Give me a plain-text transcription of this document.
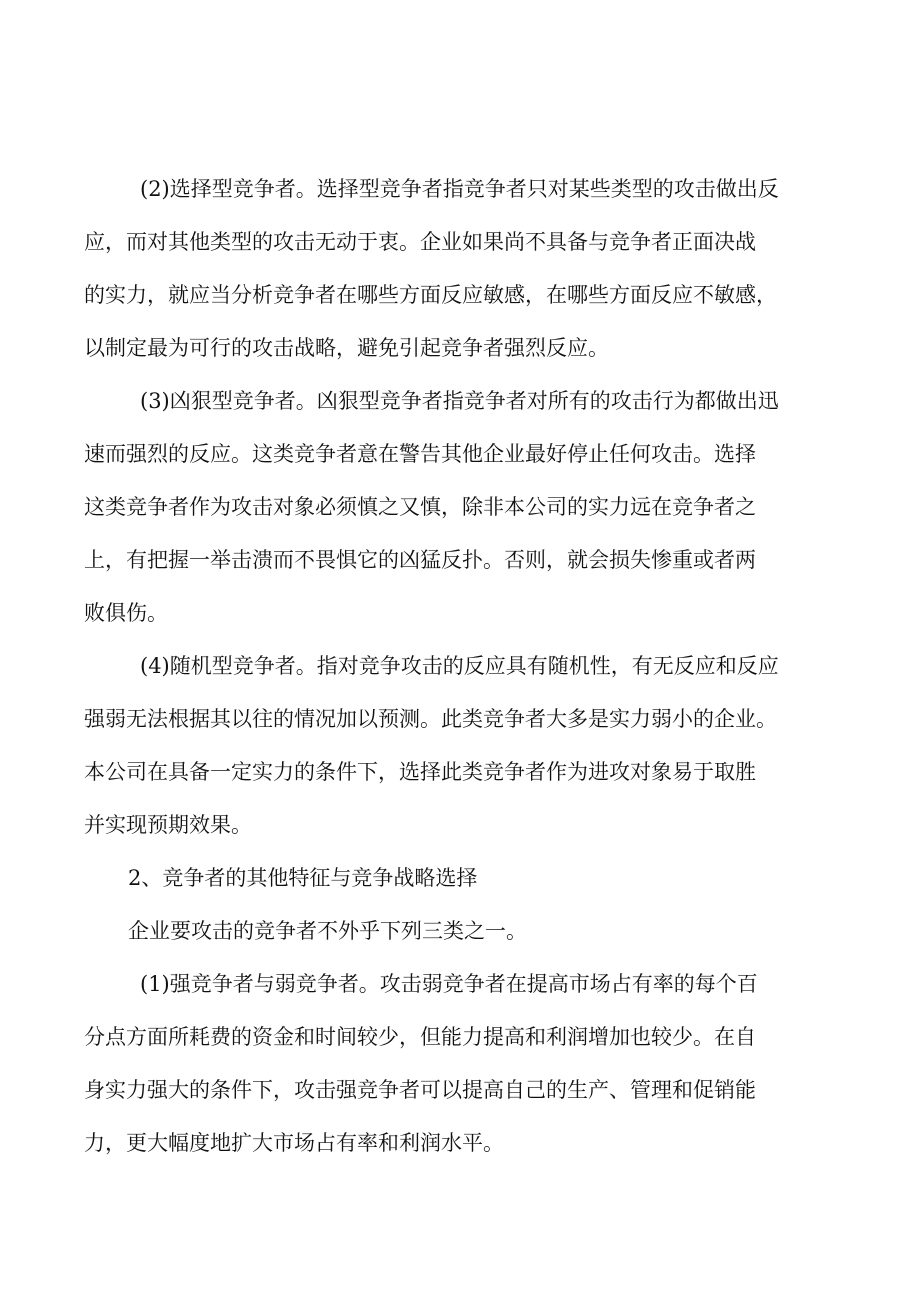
(2)选择型竞争者。选择型竞争者指竞争者只对某些类型的攻击做出反
应，而对其他类型的攻击无动于衷。企业如果尚不具备与竞争者正面决战
的实力，就应当分析竞争者在哪些方面反应敏感，在哪些方面反应不敏感，
以制定最为可行的攻击战略，避免引起竞争者强烈反应。
(3)凶狠型竞争者。凶狠型竞争者指竞争者对所有的攻击行为都做出迅
速而强烈的反应。这类竞争者意在警告其他企业最好停止任何攻击。选择
这类竞争者作为攻击对象必须慎之又慎，除非本公司的实力远在竞争者之
上，有把握一举击溃而不畏惧它的凶猛反扑。否则，就会损失惨重或者两
败俱伤。
(4)随机型竞争者。指对竞争攻击的反应具有随机性，有无反应和反应
强弱无法根据其以往的情况加以预测。此类竞争者大多是实力弱小的企业。
本公司在具备一定实力的条件下，选择此类竞争者作为进攻对象易于取胜
并实现预期效果。
2、竞争者的其他特征与竞争战略选择
企业要攻击的竞争者不外乎下列三类之一。
(1)强竞争者与弱竞争者。攻击弱竞争者在提高市场占有率的每个百
分点方面所耗费的资金和时间较少，但能力提高和利润增加也较少。在自
身实力强大的条件下，攻击强竞争者可以提高自己的生产、管理和促销能
力，更大幅度地扩大市场占有率和利润水平。
